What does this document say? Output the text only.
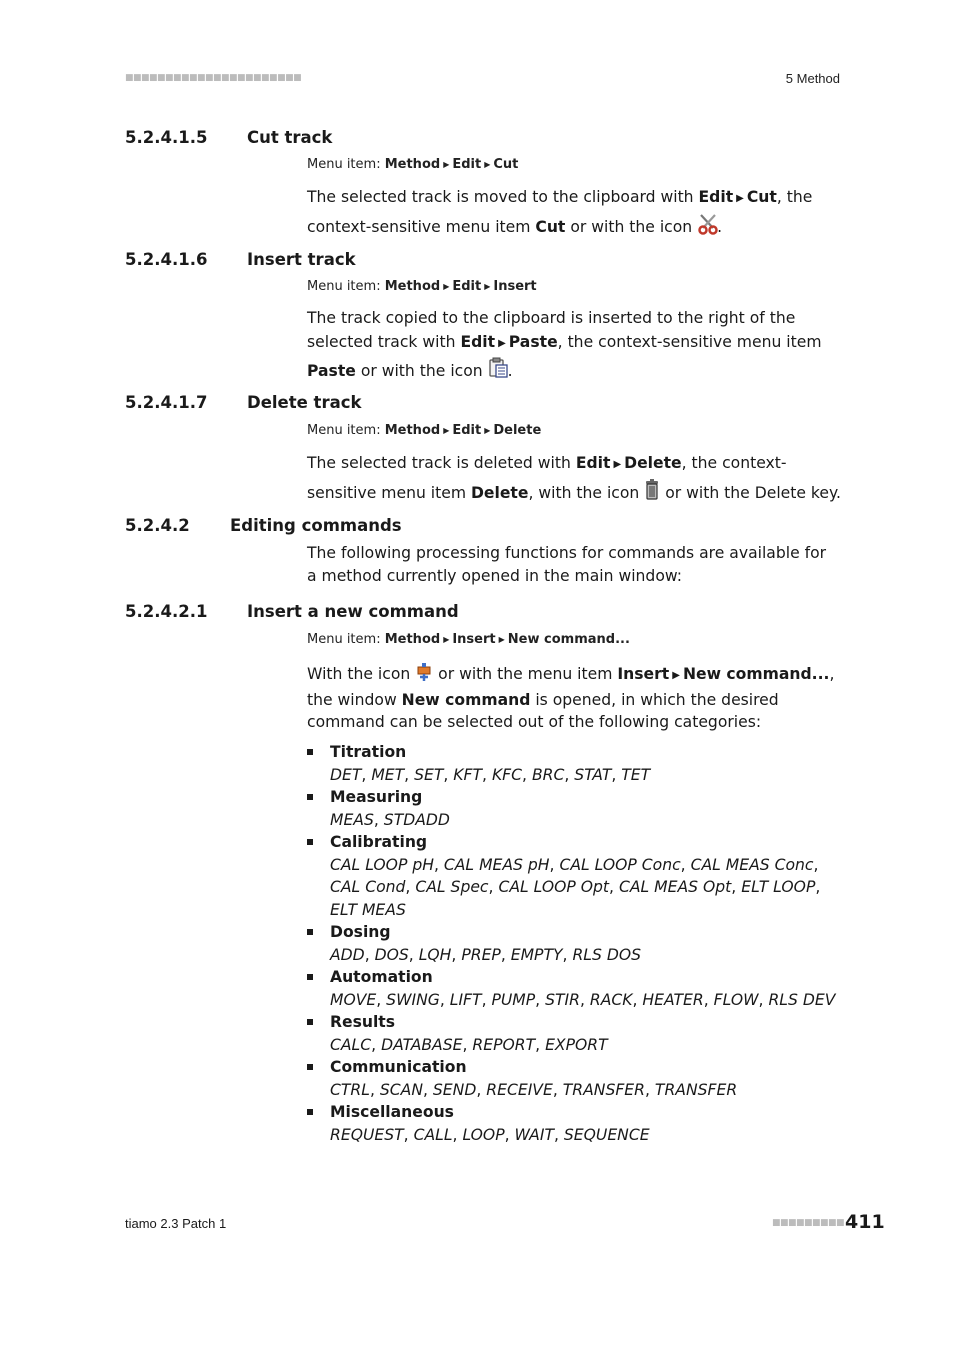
■■■■■■■■■■■■■■■■■■■■■■	5 Method
5.2.4.1.5 Cut track
Menu item: Method ▶ Edit ▶ Cut
The selected track is moved to the clipboard with Edit ▶ Cut, the context-sensitive menu item Cut or with the icon .
5.2.4.1.6 Insert track
Menu item: Method ▶ Edit ▶ Insert
The track copied to the clipboard is inserted to the right of the selected track with Edit ▶ Paste, the context-sensitive menu item Paste or with the icon .
5.2.4.1.7 Delete track
Menu item: Method ▶ Edit ▶ Delete
The selected track is deleted with Edit ▶ Delete, the context-sensitive menu item Delete, with the icon  or with the Delete key.
5.2.4.2 Editing commands
The following processing functions for commands are available for a method currently opened in the main window:
5.2.4.2.1 Insert a new command
Menu item: Method ▶ Insert ▶ New command...
With the icon  or with the menu item Insert ▶ New command..., the window New command is opened, in which the desired command can be selected out of the following categories:
Titration
DET, MET, SET, KFT, KFC, BRC, STAT, TET
Measuring
MEAS, STDADD
Calibrating
CAL LOOP pH, CAL MEAS pH, CAL LOOP Conc, CAL MEAS Conc, CAL Cond, CAL Spec, CAL LOOP Opt, CAL MEAS Opt, ELT LOOP, ELT MEAS
Dosing
ADD, DOS, LQH, PREP, EMPTY, RLS DOS
Automation
MOVE, SWING, LIFT, PUMP, STIR, RACK, HEATER, FLOW, RLS DEV
Results
CALC, DATABASE, REPORT, EXPORT
Communication
CTRL, SCAN, SEND, RECEIVE, TRANSFER, TRANSFER
Miscellaneous
REQUEST, CALL, LOOP, WAIT, SEQUENCE
tiamo 2.3 Patch 1	■■■■■■■■■ 411
